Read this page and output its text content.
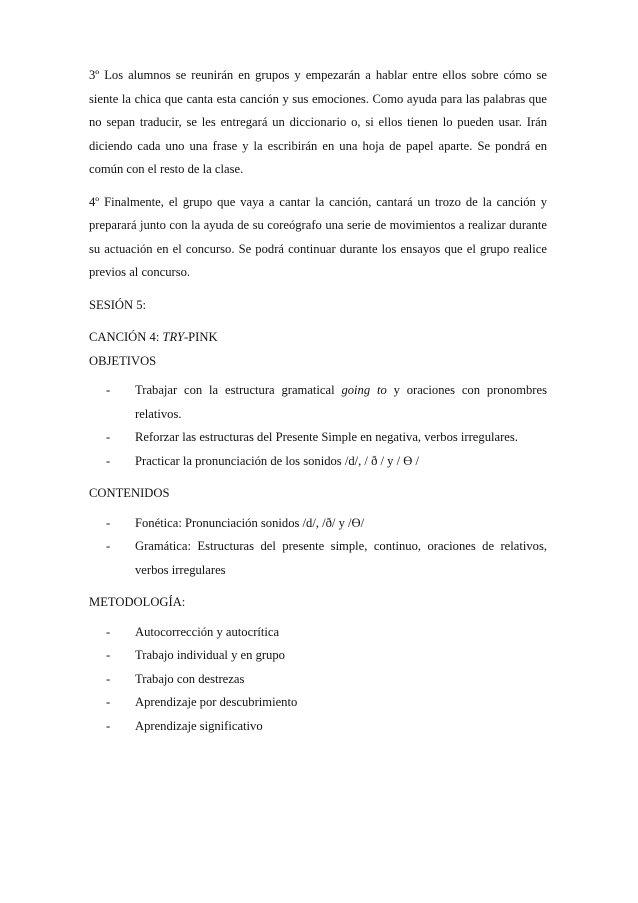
3º Los alumnos se reunirán en grupos y empezarán a hablar entre ellos sobre cómo se siente la chica que canta esta canción y sus emociones. Como ayuda para las palabras que no sepan traducir, se les entregará un diccionario o, si ellos tienen lo pueden usar. Irán diciendo cada uno una frase y la escribirán en una hoja de papel aparte. Se pondrá en común con el resto de la clase.

4º Finalmente, el grupo que vaya a cantar la canción, cantará un trozo de la canción y preparará junto con la ayuda de su coreógrafo una serie de movimientos a realizar durante su actuación en el concurso. Se podrá continuar durante los ensayos que el grupo realice previos al concurso.

SESIÓN 5:

CANCIÓN 4: TRY-PINK

OBJETIVOS

- Trabajar con la estructura gramatical going to y oraciones con pronombres relativos.
- Reforzar las estructuras del Presente Simple en negativa, verbos irregulares.
- Practicar la pronunciación de los sonidos /d/, / ð / y / Ɵ /

CONTENIDOS

- Fonética: Pronunciación sonidos /d/, /ð/ y /Ɵ/
- Gramática: Estructuras del presente simple, continuo, oraciones de relativos, verbos irregulares

METODOLOGÍA:

- Autocorrección y autocrítica
- Trabajo individual y en grupo
- Trabajo con destrezas
- Aprendizaje por descubrimiento
- Aprendizaje significativo
